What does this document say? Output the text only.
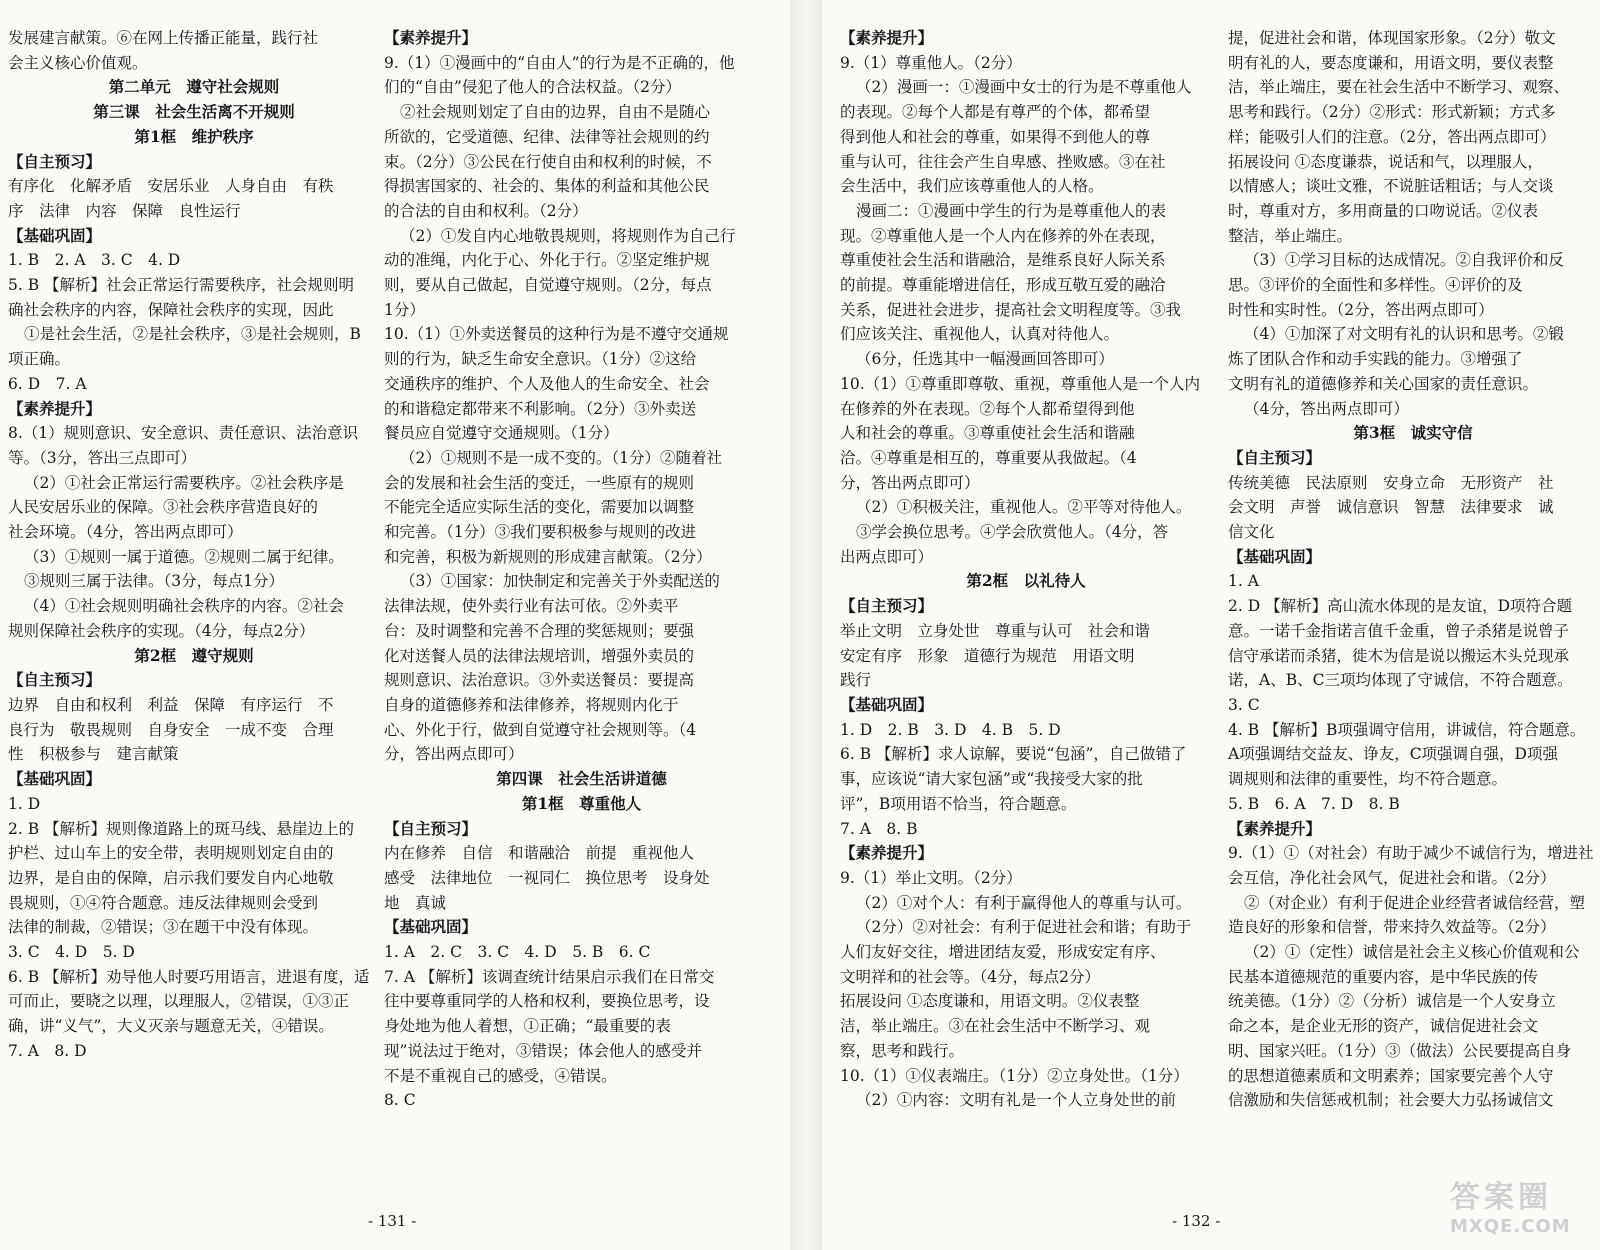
发展建言献策。⑥在网上传播正能量，践行社

会主义核心价值观。

第二单元　遵守社会规则

第三课　社会生活离不开规则

第1框　维护秩序

【自主预习】

有序化　化解矛盾　安居乐业　人身自由　有秩

序　法律　内容　保障　良性运行

【基础巩固】

1. B　2. A　3. C　4. D

5. B 【解析】社会正常运行需要秩序，社会规则明

确社会秩序的内容，保障社会秩序的实现，因此

①是社会生活，②是社会秩序，③是社会规则，B

项正确。

6. D　7. A

【素养提升】

8.（1）规则意识、安全意识、责任意识、法治意识

等。（3分，答出三点即可）

（2）①社会正常运行需要秩序。②社会秩序是

人民安居乐业的保障。③社会秩序营造良好的

社会环境。（4分，答出两点即可）

（3）①规则一属于道德。②规则二属于纪律。

③规则三属于法律。（3分，每点1分）

（4）①社会规则明确社会秩序的内容。②社会

规则保障社会秩序的实现。（4分，每点2分）

第2框　遵守规则

【自主预习】

边界　自由和权利　利益　保障　有序运行　不

良行为　敬畏规则　自身安全　一成不变　合理

性　积极参与　建言献策

【基础巩固】

1. D

2. B 【解析】规则像道路上的斑马线、悬崖边上的

护栏、过山车上的安全带，表明规则划定自由的

边界，是自由的保障，启示我们要发自内心地敬

畏规则，①④符合题意。违反法律规则会受到

法律的制裁，②错误；③在题干中没有体现。

3. C　4. D　5. D

6. B 【解析】劝导他人时要巧用语言，进退有度，适

可而止，要晓之以理，以理服人，②错误，①③正

确，讲“义气”，大义灭亲与题意无关，④错误。

7. A　8. D

【素养提升】

9.（1）①漫画中的“自由人”的行为是不正确的，他

们的“自由”侵犯了他人的合法权益。（2分）

②社会规则划定了自由的边界，自由不是随心

所欲的，它受道德、纪律、法律等社会规则的约

束。（2分）③公民在行使自由和权利的时候，不

得损害国家的、社会的、集体的利益和其他公民

的合法的自由和权利。（2分）

（2）①发自内心地敬畏规则，将规则作为自己行

动的准绳，内化于心、外化于行。②坚定维护规

则，要从自己做起，自觉遵守规则。（2分，每点

1分）

10.（1）①外卖送餐员的这种行为是不遵守交通规

则的行为，缺乏生命安全意识。（1分）②这给

交通秩序的维护、个人及他人的生命安全、社会

的和谐稳定都带来不利影响。（2分）③外卖送

餐员应自觉遵守交通规则。（1分）

（2）①规则不是一成不变的。（1分）②随着社

会的发展和社会生活的变迁，一些原有的规则

不能完全适应实际生活的变化，需要加以调整

和完善。（1分）③我们要积极参与规则的改进

和完善，积极为新规则的形成建言献策。（2分）

（3）①国家：加快制定和完善关于外卖配送的

法律法规，使外卖行业有法可依。②外卖平

台：及时调整和完善不合理的奖惩规则；要强

化对送餐人员的法律法规培训，增强外卖员的

规则意识、法治意识。③外卖送餐员：要提高

自身的道德修养和法律修养，将规则内化于

心、外化于行，做到自觉遵守社会规则等。（4

分，答出两点即可）

第四课　社会生活讲道德

第1框　尊重他人

【自主预习】

内在修养　自信　和谐融洽　前提　重视他人

感受　法律地位　一视同仁　换位思考　设身处

地　真诚

【基础巩固】

1. A　2. C　3. C　4. D　5. B　6. C

7. A 【解析】该调查统计结果启示我们在日常交

往中要尊重同学的人格和权利，要换位思考，设

身处地为他人着想，①正确；“最重要的表

现”说法过于绝对，③错误；体会他人的感受并

不是不重视自己的感受，④错误。

8. C

- 131 -

【素养提升】

9.（1）尊重他人。（2分）

（2）漫画一：①漫画中女士的行为是不尊重他人

的表现。②每个人都是有尊严的个体，都希望

得到他人和社会的尊重，如果得不到他人的尊

重与认可，往往会产生自卑感、挫败感。③在社

会生活中，我们应该尊重他人的人格。

漫画二：①漫画中学生的行为是尊重他人的表

现。②尊重他人是一个人内在修养的外在表现，

尊重使社会生活和谐融洽，是维系良好人际关系

的前提。尊重能增进信任，形成互敬互爱的融洽

关系，促进社会进步，提高社会文明程度等。③我

们应该关注、重视他人，认真对待他人。

（6分，任选其中一幅漫画回答即可）

10.（1）①尊重即尊敬、重视，尊重他人是一个人内

在修养的外在表现。②每个人都希望得到他

人和社会的尊重。③尊重使社会生活和谐融

洽。④尊重是相互的，尊重要从我做起。（4

分，答出两点即可）

（2）①积极关注，重视他人。②平等对待他人。

③学会换位思考。④学会欣赏他人。（4分，答

出两点即可）

第2框　以礼待人

【自主预习】

举止文明　立身处世　尊重与认可　社会和谐

安定有序　形象　道德行为规范　用语文明

践行

【基础巩固】

1. D　2. B　3. D　4. B　5. D

6. B 【解析】求人谅解，要说“包涵”，自己做错了

事，应该说“请大家包涵”或“我接受大家的批

评”，B项用语不恰当，符合题意。

7. A　8. B

【素养提升】

9.（1）举止文明。（2分）

（2）①对个人：有利于赢得他人的尊重与认可。

（2分）②对社会：有利于促进社会和谐；有助于

人们友好交往，增进团结友爱，形成安定有序、

文明祥和的社会等。（4分，每点2分）

拓展设问 ①态度谦和，用语文明。②仪表整

洁，举止端庄。③在社会生活中不断学习、观

察，思考和践行。

10.（1）①仪表端庄。（1分）②立身处世。（1分）

（2）①内容：文明有礼是一个人立身处世的前

提，促进社会和谐，体现国家形象。（2分）敬文

明有礼的人，要态度谦和，用语文明，要仪表整

洁，举止端庄，要在社会生活中不断学习、观察、

思考和践行。（2分）②形式：形式新颖；方式多

样；能吸引人们的注意。（2分，答出两点即可）

拓展设问 ①态度谦恭，说话和气，以理服人，

以情感人；谈吐文雅，不说脏话粗话；与人交谈

时，尊重对方，多用商量的口吻说话。②仪表

整洁，举止端庄。

（3）①学习目标的达成情况。②自我评价和反

思。③评价的全面性和多样性。④评价的及

时性和实时性。（2分，答出两点即可）

（4）①加深了对文明有礼的认识和思考。②锻

炼了团队合作和动手实践的能力。③增强了

文明有礼的道德修养和关心国家的责任意识。

（4分，答出两点即可）

第3框　诚实守信

【自主预习】

传统美德　民法原则　安身立命　无形资产　社

会文明　声誉　诚信意识　智慧　法律要求　诚

信文化

【基础巩固】

1. A

2. D 【解析】高山流水体现的是友谊，D项符合题

意。一诺千金指诺言值千金重，曾子杀猪是说曾子

信守承诺而杀猪，徙木为信是说以搬运木头兑现承

诺，A、B、C三项均体现了守诚信，不符合题意。

3. C

4. B 【解析】B项强调守信用，讲诚信，符合题意。

A项强调结交益友、诤友，C项强调自强，D项强

调规则和法律的重要性，均不符合题意。

5. B　6. A　7. D　8. B

【素养提升】

9.（1）①（对社会）有助于减少不诚信行为，增进社

会互信，净化社会风气，促进社会和谐。（2分）

②（对企业）有利于促进企业经营者诚信经营，塑

造良好的形象和信誉，带来持久效益等。（2分）

（2）①（定性）诚信是社会主义核心价值观和公

民基本道德规范的重要内容，是中华民族的传

统美德。（1分）②（分析）诚信是一个人安身立

命之本，是企业无形的资产，诚信促进社会文

明、国家兴旺。（1分）③（做法）公民要提高自身

的思想道德素质和文明素养；国家要完善个人守

信激励和失信惩戒机制；社会要大力弘扬诚信文

- 132 -
答案圈
MXQE.COM
